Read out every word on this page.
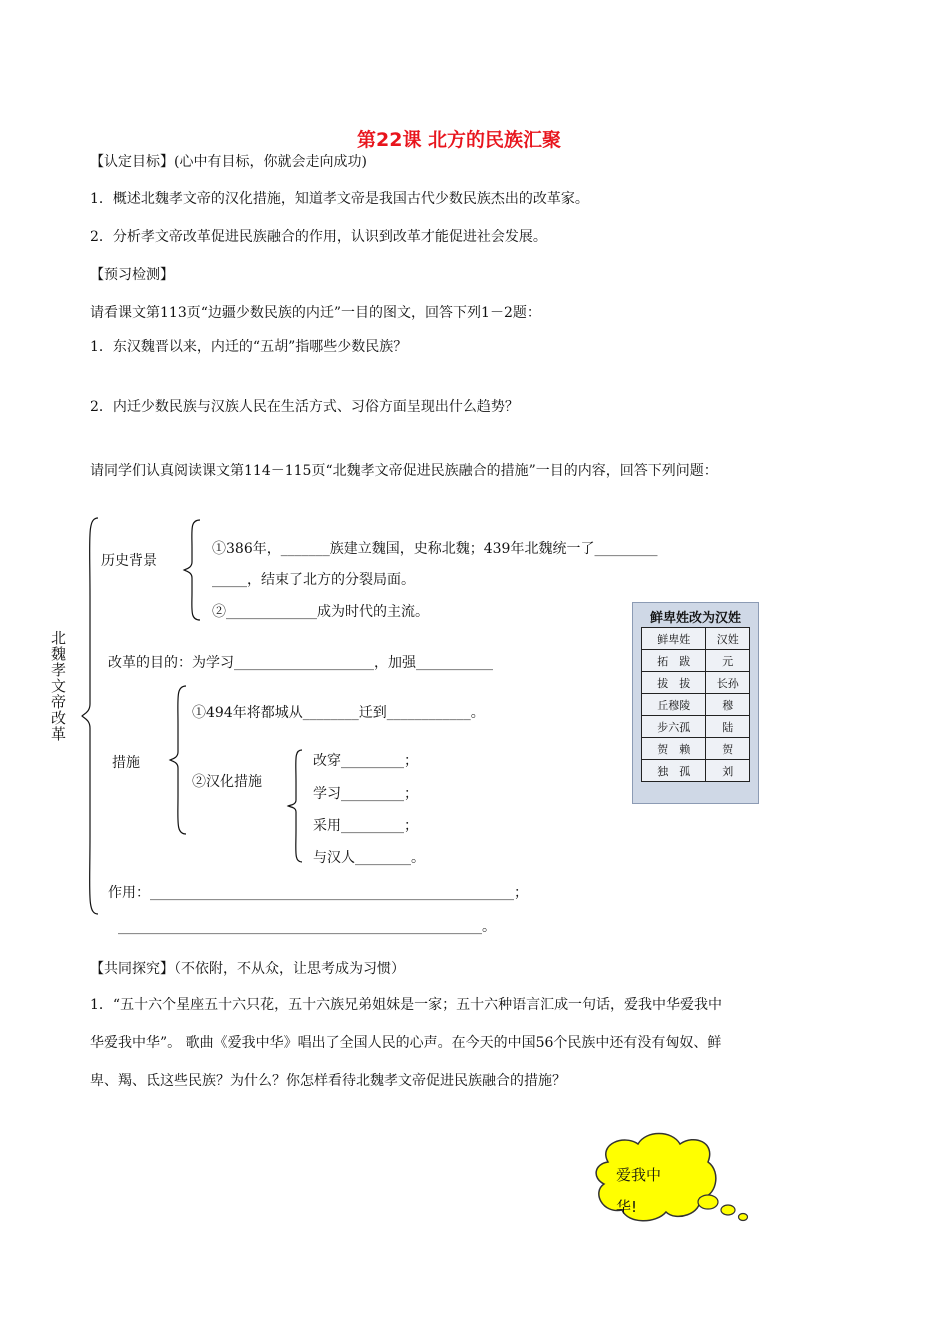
第22课 北方的民族汇聚
【认定目标】(心中有目标，你就会走向成功)
1．概述北魏孝文帝的汉化措施，知道孝文帝是我国古代少数民族杰出的改革家。
2．分析孝文帝改革促进民族融合的作用，认识到改革才能促进社会发展。
【预习检测】
请看课文第113页“边疆少数民族的内迁”一目的图文，回答下列1－2题：
1．东汉魏晋以来，内迁的“五胡”指哪些少数民族？
2．内迁少数民族与汉族人民在生活方式、习俗方面呈现出什么趋势？
请同学们认真阅读课文第114－115页“北魏孝文帝促进民族融合的措施”一目的内容，回答下列问题：
北魏孝文帝改革
历史背景
①386年，_______族建立魏国，史称北魏；439年北魏统一了_________
_____，结束了北方的分裂局面。
②_____________成为时代的主流。
改革的目的：为学习____________________，加强___________
措施
①494年将都城从________迁到____________。
②汉化措施
改穿_________；
学习_________；
采用_________；
与汉人________。
作用：____________________________________________________；
____________________________________________________。
鲜卑姓改为汉姓
鲜卑姓	汉姓
拓　跋	元
拔　拔	长孙
丘穆陵	穆
步六孤	陆
贺　赖	贺
独　孤	刘
【共同探究】（不依附，不从众，让思考成为习惯）
1．“五十六个星座五十六只花，五十六族兄弟姐妹是一家；五十六种语言汇成一句话，爱我中华爱我中
华爱我中华”。 歌曲《爱我中华》唱出了全国人民的心声。在今天的中国56个民族中还有没有匈奴、鲜
卑、羯、氐这些民族？为什么？你怎样看待北魏孝文帝促进民族融合的措施？
爱我中
华!
